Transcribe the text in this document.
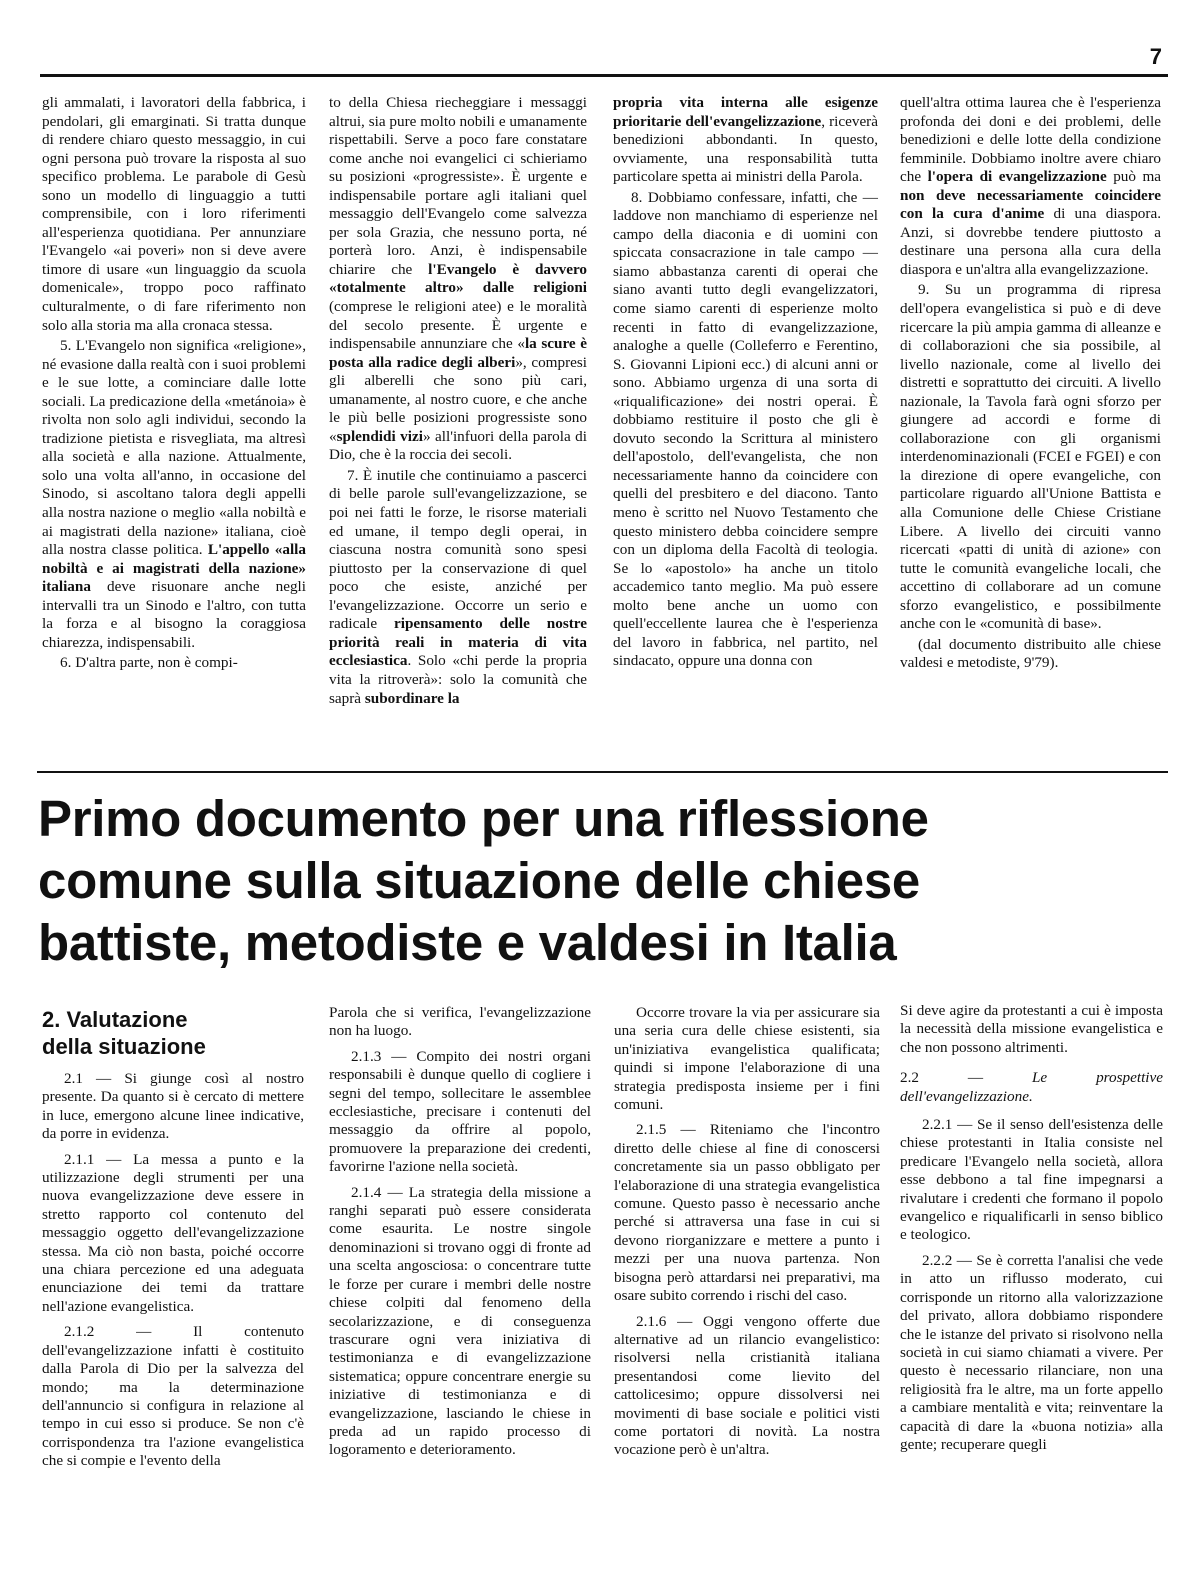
7

gli ammalati, i lavoratori della fabbrica, i pendolari, gli emarginati. Si tratta dunque di rendere chiaro questo messaggio, in cui ogni persona può trovare la risposta al suo specifico problema. Le parabole di Gesù sono un modello di linguaggio a tutti comprensibile, con i loro riferimenti all'esperienza quotidiana. Per annunziare l'Evangelo «ai poveri» non si deve avere timore di usare «un linguaggio da scuola domenicale», troppo poco raffinato culturalmente, o di fare riferimento non solo alla storia ma alla cronaca stessa.

5. L'Evangelo non significa «religione», né evasione dalla realtà con i suoi problemi e le sue lotte, a cominciare dalle lotte sociali. La predicazione della «metánoia» è rivolta non solo agli individui, secondo la tradizione pietista e risvegliata, ma altresì alla società e alla nazione. Attualmente, solo una volta all'anno, in occasione del Sinodo, si ascoltano talora degli appelli alla nostra nazione o meglio «alla nobiltà e ai magistrati della nazione» italiana, cioè alla nostra classe politica. L'appello «alla nobiltà e ai magistrati della nazione» italiana deve risuonare anche negli intervalli tra un Sinodo e l'altro, con tutta la forza e al bisogno la coraggiosa chiarezza, indispensabili.

6. D'altra parte, non è compi-

to della Chiesa riecheggiare i messaggi altrui, sia pure molto nobili e umanamente rispettabili. Serve a poco fare constatare come anche noi evangelici ci schieriamo su posizioni «progressiste». È urgente e indispensabile portare agli italiani quel messaggio dell'Evangelo come salvezza per sola Grazia, che nessuno porta, né porterà loro. Anzi, è indispensabile chiarire che l'Evangelo è davvero «totalmente altro» dalle religioni (comprese le religioni atee) e le moralità del secolo presente. È urgente e indispensabile annunziare che «la scure è posta alla radice degli alberi», compresi gli alberelli che sono più cari, umanamente, al nostro cuore, e che anche le più belle posizioni progressiste sono «splendidi vizi» all'infuori della parola di Dio, che è la roccia dei secoli.

7. È inutile che continuiamo a pascerci di belle parole sull'evangelizzazione, se poi nei fatti le forze, le risorse materiali ed umane, il tempo degli operai, in ciascuna nostra comunità sono spesi piuttosto per la conservazione di quel poco che esiste, anziché per l'evangelizzazione. Occorre un serio e radicale ripensamento delle nostre priorità reali in materia di vita ecclesiastica. Solo «chi perde la propria vita la ritroverà»: solo la comunità che saprà subordinare la

propria vita interna alle esigenze prioritarie dell'evangelizzazione, riceverà benedizioni abbondanti. In questo, ovviamente, una responsabilità tutta particolare spetta ai ministri della Parola.

8. Dobbiamo confessare, infatti, che — laddove non manchiamo di esperienze nel campo della diaconia e di uomini con spiccata consacrazione in tale campo — siamo abbastanza carenti di operai che siano avanti tutto degli evangelizzatori, come siamo carenti di esperienze molto recenti in fatto di evangelizzazione, analoghe a quelle (Colleferro e Ferentino, S. Giovanni Lipioni ecc.) di alcuni anni or sono. Abbiamo urgenza di una sorta di «riqualificazione» dei nostri operai. È dobbiamo restituire il posto che gli è dovuto secondo la Scrittura al ministero dell'apostolo, dell'evangelista, che non necessariamente hanno da coincidere con quelli del presbitero e del diacono. Tanto meno è scritto nel Nuovo Testamento che questo ministero debba coincidere sempre con un diploma della Facoltà di teologia. Se lo «apostolo» ha anche un titolo accademico tanto meglio. Ma può essere molto bene anche un uomo con quell'eccellente laurea che è l'esperienza del lavoro in fabbrica, nel partito, nel sindacato, oppure una donna con

quell'altra ottima laurea che è l'esperienza profonda dei doni e dei problemi, delle benedizioni e delle lotte della condizione femminile. Dobbiamo inoltre avere chiaro che l'opera di evangelizzazione può ma non deve necessariamente coincidere con la cura d'anime di una diaspora. Anzi, si dovrebbe tendere piuttosto a destinare una persona alla cura della diaspora e un'altra alla evangelizzazione.

9. Su un programma di ripresa dell'opera evangelistica si può e di deve ricercare la più ampia gamma di alleanze e di collaborazioni che sia possibile, al livello nazionale, come al livello dei distretti e soprattutto dei circuiti. A livello nazionale, la Tavola farà ogni sforzo per giungere ad accordi e forme di collaborazione con gli organismi interdenominazionali (FCEI e FGEI) e con la direzione di opere evangeliche, con particolare riguardo all'Unione Battista e alla Comunione delle Chiese Cristiane Libere. A livello dei circuiti vanno ricercati «patti di unità di azione» con tutte le comunità evangeliche locali, che accettino di collaborare ad un comune sforzo evangelistico, e possibilmente anche con le «comunità di base».

(dal documento distribuito alle chiese valdesi e metodiste, 9'79).

Primo documento per una riflessione
comune sulla situazione delle chiese
battiste, metodiste e valdesi in Italia
2. Valutazione
della situazione

2.1 — Si giunge così al nostro presente. Da quanto si è cercato di mettere in luce, emergono alcune linee indicative, da porre in evidenza.

2.1.1 — La messa a punto e la utilizzazione degli strumenti per una nuova evangelizzazione deve essere in stretto rapporto col contenuto del messaggio oggetto dell'evangelizzazione stessa. Ma ciò non basta, poiché occorre una chiara percezione ed una adeguata enunciazione dei temi da trattare nell'azione evangelistica.

2.1.2 — Il contenuto dell'evangelizzazione infatti è costituito dalla Parola di Dio per la salvezza del mondo; ma la determinazione dell'annuncio si configura in relazione al tempo in cui esso si produce. Se non c'è corrispondenza tra l'azione evangelistica che si compie e l'evento della

Parola che si verifica, l'evangelizzazione non ha luogo.

2.1.3 — Compito dei nostri organi responsabili è dunque quello di cogliere i segni del tempo, sollecitare le assemblee ecclesiastiche, precisare i contenuti del messaggio da offrire al popolo, promuovere la preparazione dei credenti, favorirne l'azione nella società.

2.1.4 — La strategia della missione a ranghi separati può essere considerata come esaurita. Le nostre singole denominazioni si trovano oggi di fronte ad una scelta angosciosa: o concentrare tutte le forze per curare i membri delle nostre chiese colpiti dal fenomeno della secolarizzazione, e di conseguenza trascurare ogni vera iniziativa di testimonianza e di evangelizzazione sistematica; oppure concentrare energie su iniziative di testimonianza e di evangelizzazione, lasciando le chiese in preda ad un rapido processo di logoramento e deterioramento.

Occorre trovare la via per assicurare sia una seria cura delle chiese esistenti, sia un'iniziativa evangelistica qualificata; quindi si impone l'elaborazione di una strategia predisposta insieme per i fini comuni.

2.1.5 — Riteniamo che l'incontro diretto delle chiese al fine di conoscersi concretamente sia un passo obbligato per l'elaborazione di una strategia evangelistica comune. Questo passo è necessario anche perché si attraversa una fase in cui si devono riorganizzare e mettere a punto i mezzi per una nuova partenza. Non bisogna però attardarsi nei preparativi, ma osare subito correndo i rischi del caso.

2.1.6 — Oggi vengono offerte due alternative ad un rilancio evangelistico: risolversi nella cristianità italiana presentandosi come lievito del cattolicesimo; oppure dissolversi nei movimenti di base sociale e politici visti come portatori di novità. La nostra vocazione però è un'altra.

Si deve agire da protestanti a cui è imposta la necessità della missione evangelistica e che non possono altrimenti.

2.2 —	Le prospettive dell'evangelizzazione.

2.2.1 — Se il senso dell'esistenza delle chiese protestanti in Italia consiste nel predicare l'Evangelo nella società, allora esse debbono a tal fine impegnarsi a rivalutare i credenti che formano il popolo evangelico e riqualificarli in senso biblico e teologico.

2.2.2 — Se è corretta l'analisi che vede in atto un riflusso moderato, cui corrisponde un ritorno alla valorizzazione del privato, allora dobbiamo rispondere che le istanze del privato si risolvono nella società in cui siamo chiamati a vivere. Per questo è necessario rilanciare, non una religiosità fra le altre, ma un forte appello a cambiare mentalità e vita; reinventare la capacità di dare la «buona notizia» alla gente; recuperare quegli
